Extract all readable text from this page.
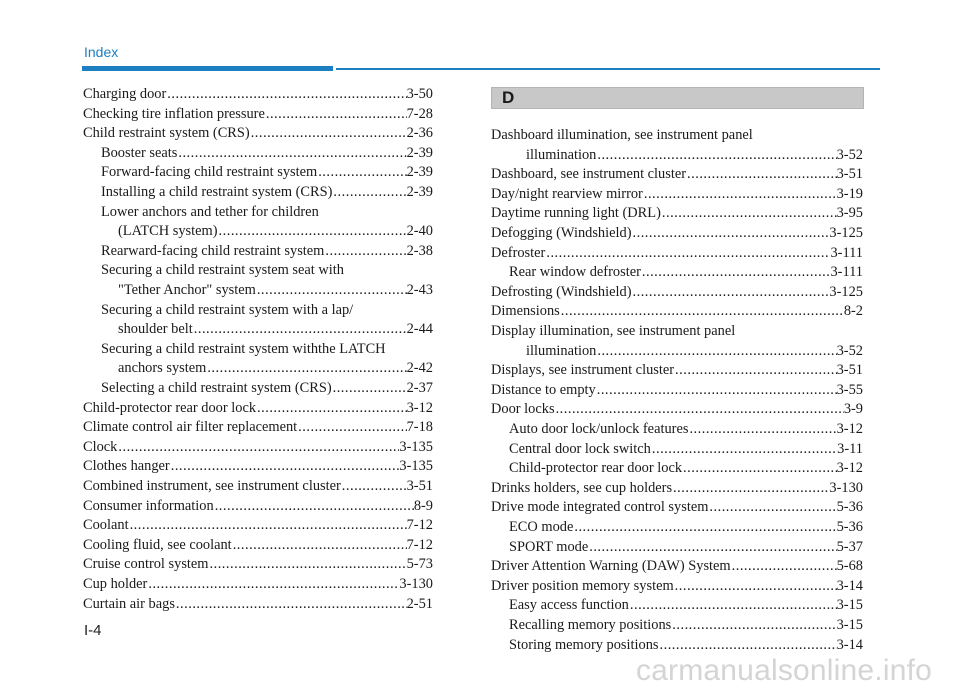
Index
Charging door .....	3-50
Checking tire inflation pressure .....	7-28
Child restraint system (CRS) .....	2-36
Booster seats .....	2-39
Forward-facing child restraint system .....	2-39
Installing a child restraint system (CRS) .....	2-39
Lower anchors and tether for children
(LATCH system) .....	2-40
Rearward-facing child restraint system .....	2-38
Securing a child restraint system seat with
"Tether Anchor" system .....	2-43
Securing a child restraint system with a lap/
shoulder belt .....	2-44
Securing a child restraint system withthe LATCH
anchors system .....	2-42
Selecting a child restraint system (CRS) .....	2-37
Child-protector rear door lock .....	3-12
Climate control air filter replacement .....	7-18
Clock .....	3-135
Clothes hanger .....	3-135
Combined instrument, see instrument cluster .....	3-51
Consumer information .....	8-9
Coolant .....	7-12
Cooling fluid, see coolant .....	7-12
Cruise control system .....	5-73
Cup holder .....	3-130
Curtain air bags .....	2-51
D
Dashboard illumination, see instrument panel
illumination .....	3-52
Dashboard, see instrument cluster .....	3-51
Day/night rearview mirror .....	3-19
Daytime running light (DRL) .....	3-95
Defogging (Windshield) .....	3-125
Defroster .....	3-111
Rear window defroster .....	3-111
Defrosting (Windshield) .....	3-125
Dimensions .....	8-2
Display illumination, see instrument panel
illumination .....	3-52
Displays, see instrument cluster .....	3-51
Distance to empty .....	3-55
Door locks .....	3-9
Auto door lock/unlock features .....	3-12
Central door lock switch .....	3-11
Child-protector rear door lock .....	3-12
Drinks holders, see cup holders .....	3-130
Drive mode integrated control system .....	5-36
ECO mode .....	5-36
SPORT mode .....	5-37
Driver Attention Warning (DAW) System .....	5-68
Driver position memory system .....	3-14
Easy access function .....	3-15
Recalling memory positions .....	3-15
Storing memory positions .....	3-14
I-4
carmanualsonline.info
